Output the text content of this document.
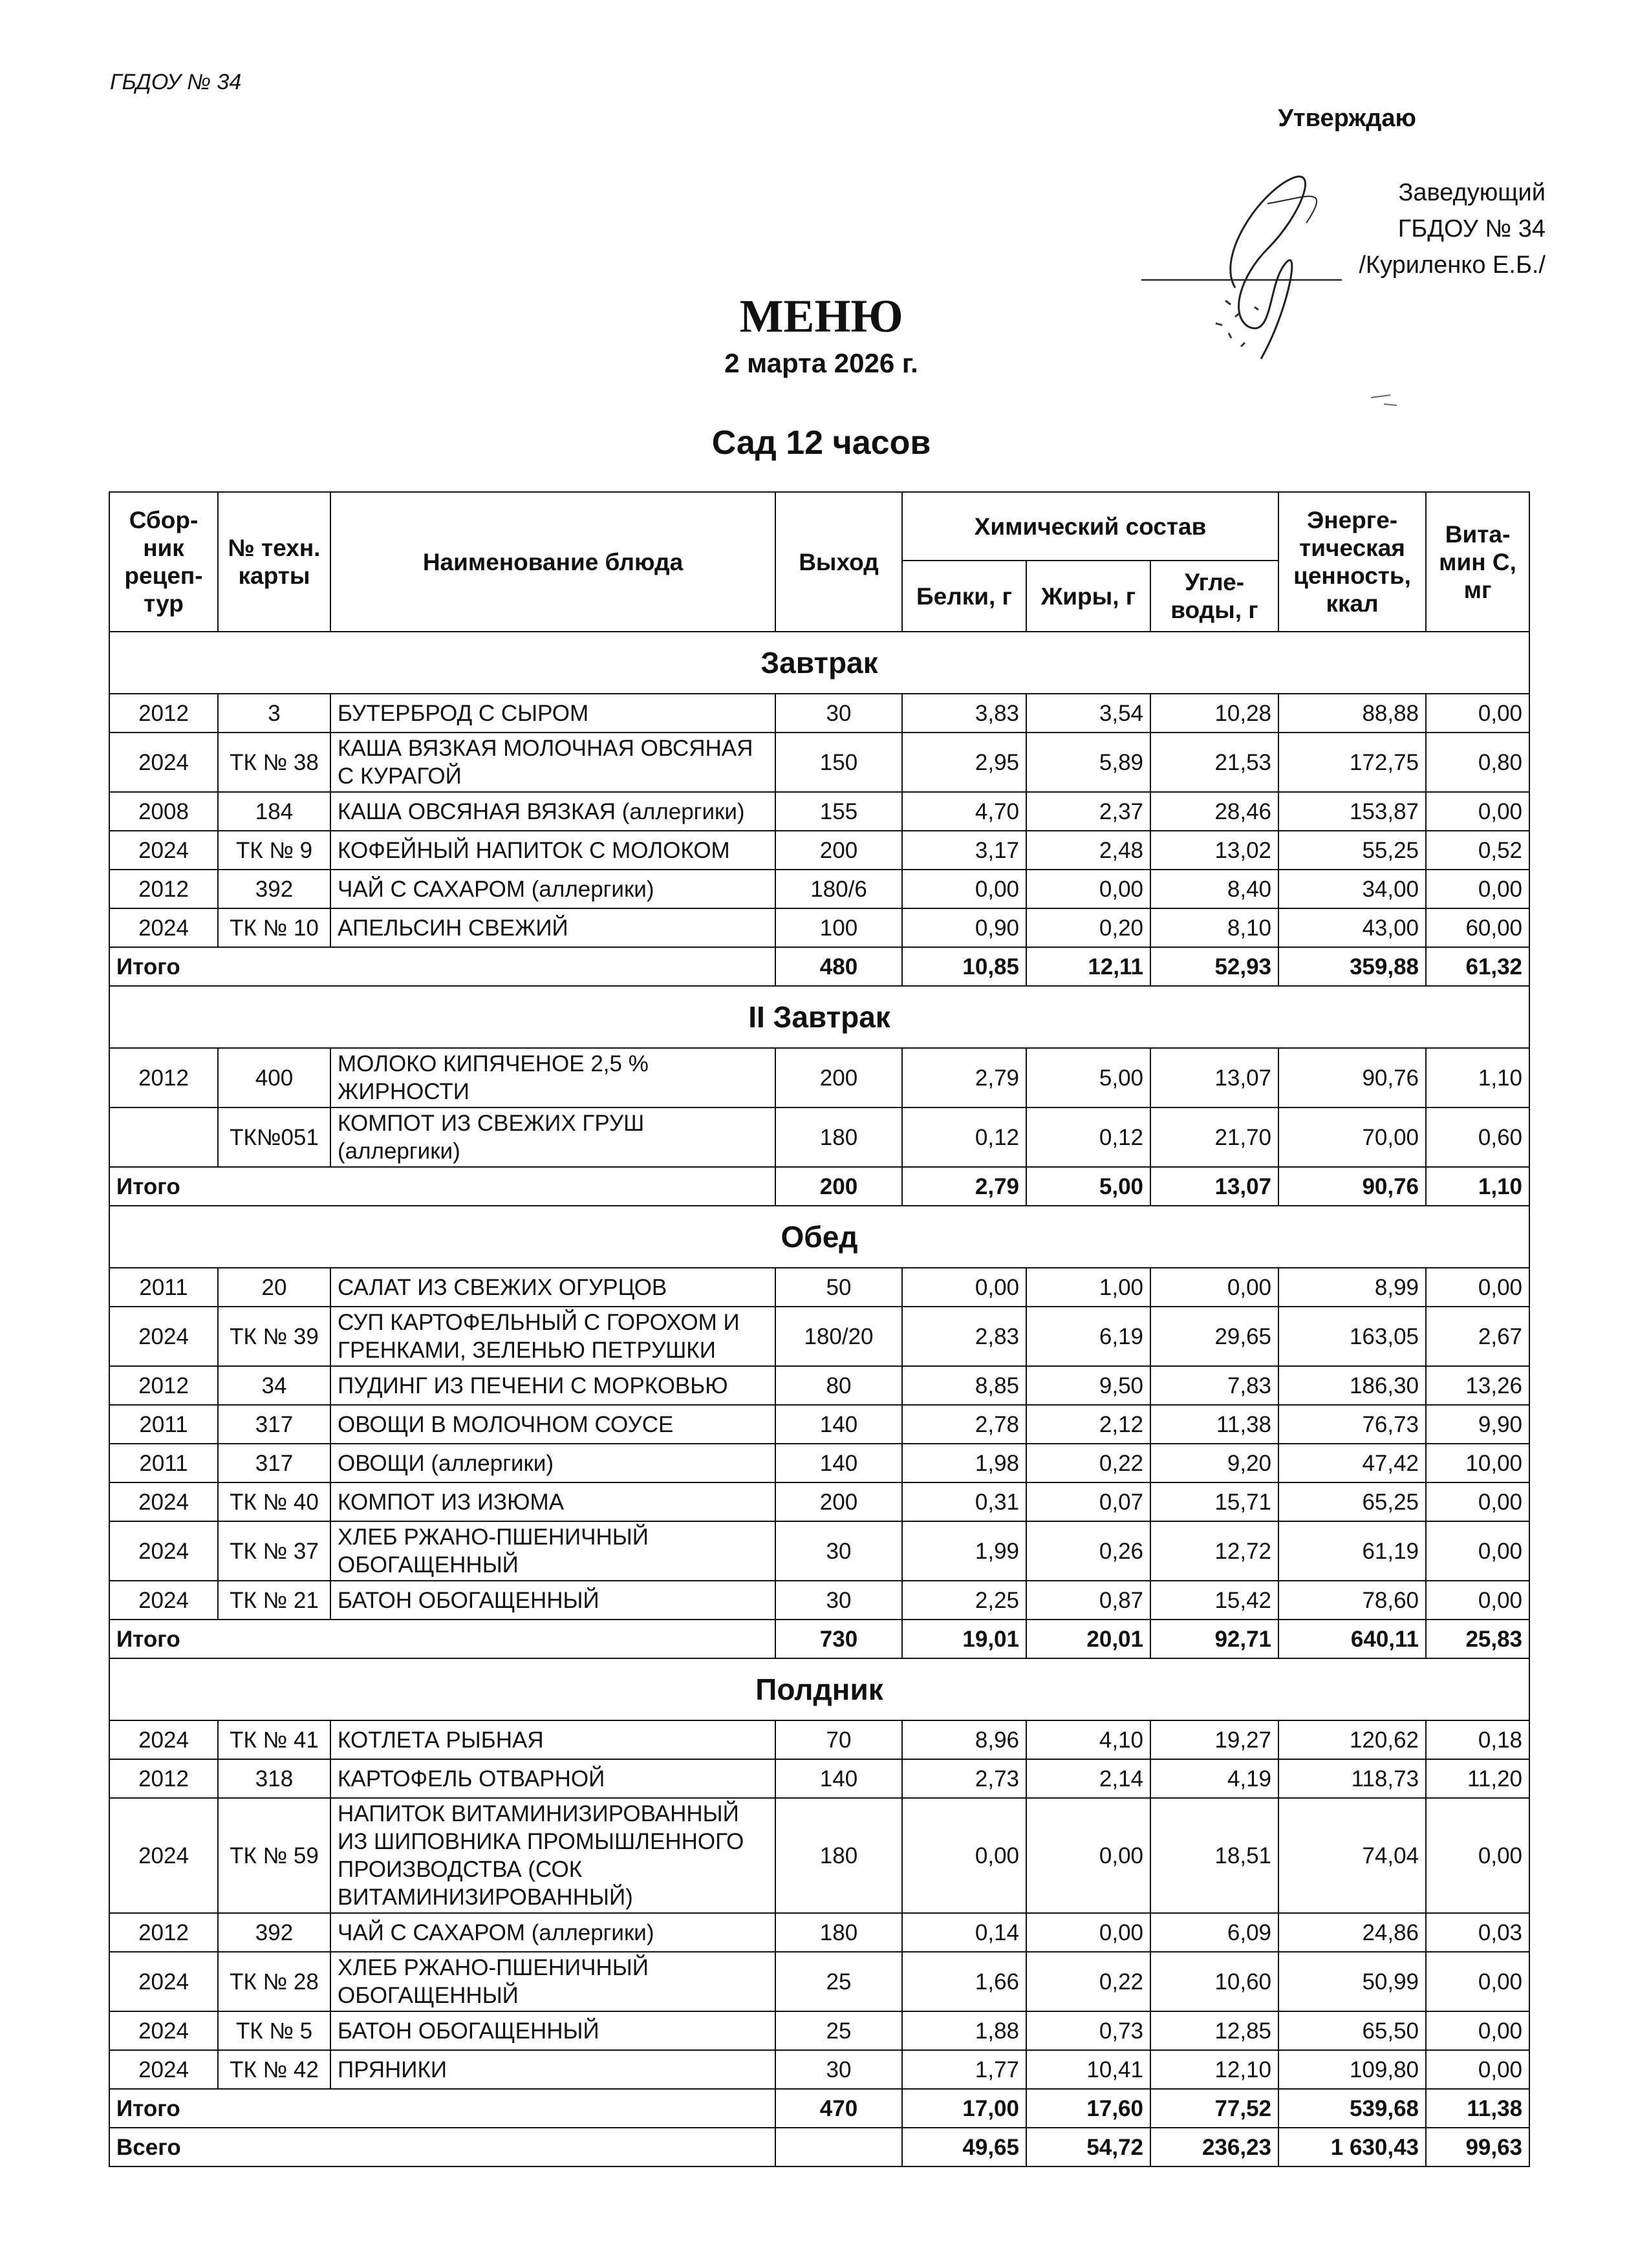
ГБДОУ № 34
Утверждаю
Заведующий
ГБДОУ № 34
/Куриленко Е.Б./
МЕНЮ
2 марта 2026 г.
Сад 12 часов
Сбор-ник рецеп-тур	№ техн. карты	Наименование блюда	Выход	Химический состав			Энерге-тическая ценность, ккал	Вита-мин С, мг
				Белки, г	Жиры, г	Угле-воды, г		
Завтрак								
2012	3	БУТЕРБРОД С СЫРОМ	30	3,83	3,54	10,28	88,88	0,00
2024	ТК № 38	КАША ВЯЗКАЯ МОЛОЧНАЯ ОВСЯНАЯ С КУРАГОЙ	150	2,95	5,89	21,53	172,75	0,80
2008	184	КАША ОВСЯНАЯ ВЯЗКАЯ (аллергики)	155	4,70	2,37	28,46	153,87	0,00
2024	ТК № 9	КОФЕЙНЫЙ НАПИТОК С МОЛОКОМ	200	3,17	2,48	13,02	55,25	0,52
2012	392	ЧАЙ С САХАРОМ (аллергики)	180/6	0,00	0,00	8,40	34,00	0,00
2024	ТК № 10	АПЕЛЬСИН СВЕЖИЙ	100	0,90	0,20	8,10	43,00	60,00
Итого			480	10,85	12,11	52,93	359,88	61,32
II Завтрак								
2012	400	МОЛОКО КИПЯЧЕНОЕ 2,5 % ЖИРНОСТИ	200	2,79	5,00	13,07	90,76	1,10
	ТК№051	КОМПОТ ИЗ СВЕЖИХ ГРУШ (аллергики)	180	0,12	0,12	21,70	70,00	0,60
Итого			200	2,79	5,00	13,07	90,76	1,10
Обед								
2011	20	САЛАТ ИЗ СВЕЖИХ ОГУРЦОВ	50	0,00	1,00	0,00	8,99	0,00
2024	ТК № 39	СУП КАРТОФЕЛЬНЫЙ С ГОРОХОМ И ГРЕНКАМИ, ЗЕЛЕНЬЮ ПЕТРУШКИ	180/20	2,83	6,19	29,65	163,05	2,67
2012	34	ПУДИНГ ИЗ ПЕЧЕНИ С МОРКОВЬЮ	80	8,85	9,50	7,83	186,30	13,26
2011	317	ОВОЩИ В МОЛОЧНОМ СОУСЕ	140	2,78	2,12	11,38	76,73	9,90
2011	317	ОВОЩИ (аллергики)	140	1,98	0,22	9,20	47,42	10,00
2024	ТК № 40	КОМПОТ ИЗ ИЗЮМА	200	0,31	0,07	15,71	65,25	0,00
2024	ТК № 37	ХЛЕБ РЖАНО-ПШЕНИЧНЫЙ ОБОГАЩЕННЫЙ	30	1,99	0,26	12,72	61,19	0,00
2024	ТК № 21	БАТОН ОБОГАЩЕННЫЙ	30	2,25	0,87	15,42	78,60	0,00
Итого			730	19,01	20,01	92,71	640,11	25,83
Полдник								
2024	ТК № 41	КОТЛЕТА РЫБНАЯ	70	8,96	4,10	19,27	120,62	0,18
2012	318	КАРТОФЕЛЬ ОТВАРНОЙ	140	2,73	2,14	4,19	118,73	11,20
2024	ТК № 59	НАПИТОК ВИТАМИНИЗИРОВАННЫЙ ИЗ ШИПОВНИКА ПРОМЫШЛЕННОГО ПРОИЗВОДСТВА (СОК ВИТАМИНИЗИРОВАННЫЙ)	180	0,00	0,00	18,51	74,04	0,00
2012	392	ЧАЙ С САХАРОМ (аллергики)	180	0,14	0,00	6,09	24,86	0,03
2024	ТК № 28	ХЛЕБ РЖАНО-ПШЕНИЧНЫЙ ОБОГАЩЕННЫЙ	25	1,66	0,22	10,60	50,99	0,00
2024	ТК № 5	БАТОН ОБОГАЩЕННЫЙ	25	1,88	0,73	12,85	65,50	0,00
2024	ТК № 42	ПРЯНИКИ	30	1,77	10,41	12,10	109,80	0,00
Итого			470	17,00	17,60	77,52	539,68	11,38
Всего				49,65	54,72	236,23	1 630,43	99,63
